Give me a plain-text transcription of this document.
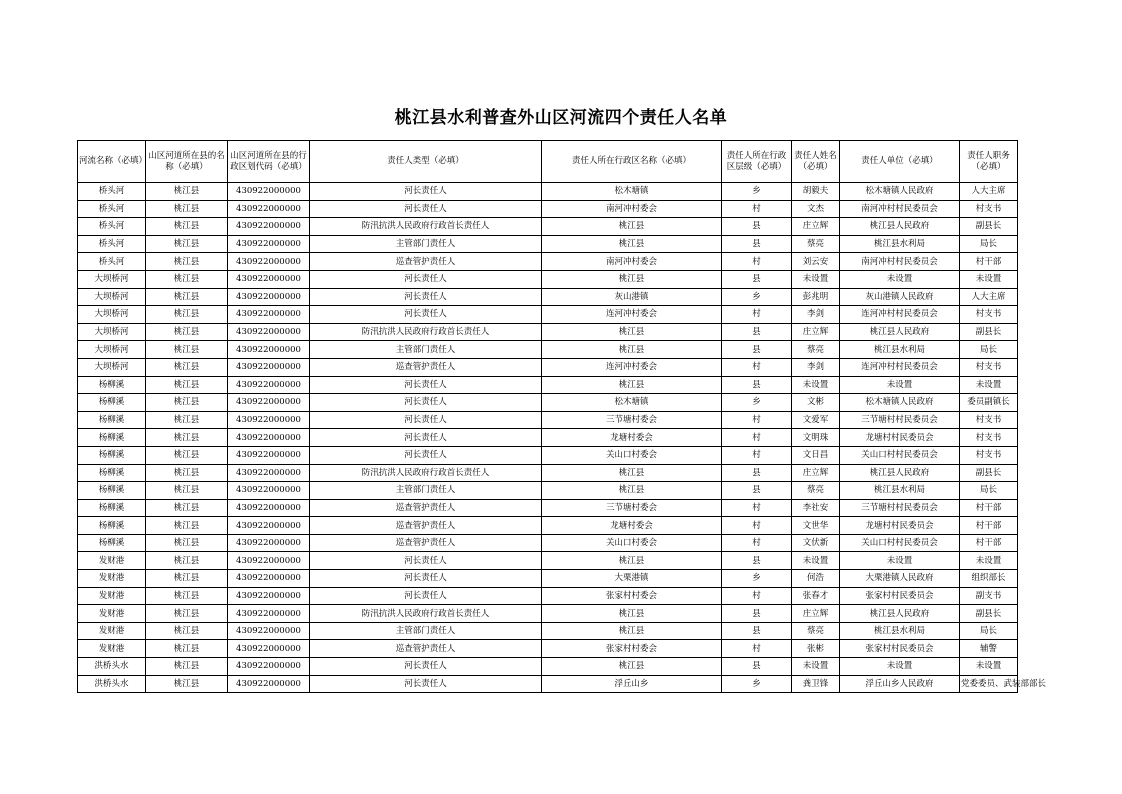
桃江县水利普查外山区河流四个责任人名单
河流名称（必填）	山区河道所在县的名称（必填）	山区河道所在县的行政区划代码（必填）	责任人类型（必填）	责任人所在行政区名称（必填）	责任人所在行政区层级（必填）	责任人姓名（必填）	责任人单位（必填）	责任人职务（必填）	
桥头河	桃江县	430922000000	河长责任人	松木塘镇	乡	胡毅夫	松木塘镇人民政府	人大主席	
桥头河	桃江县	430922000000	河长责任人	南河冲村委会	村	文杰	南河冲村村民委员会	村支书	
桥头河	桃江县	430922000000	防汛抗洪人民政府行政首长责任人	桃江县	县	庄立辉	桃江县人民政府	副县长	
桥头河	桃江县	430922000000	主管部门责任人	桃江县	县	蔡亮	桃江县水利局	局长	
桥头河	桃江县	430922000000	巡查管护责任人	南河冲村委会	村	刘云安	南河冲村村民委员会	村干部	
大坝桥河	桃江县	430922000000	河长责任人	桃江县	县	未设置	未设置	未设置	
大坝桥河	桃江县	430922000000	河长责任人	灰山港镇	乡	彭兆明	灰山港镇人民政府	人大主席	
大坝桥河	桃江县	430922000000	河长责任人	连河冲村委会	村	李剑	连河冲村村民委员会	村支书	
大坝桥河	桃江县	430922000000	防汛抗洪人民政府行政首长责任人	桃江县	县	庄立辉	桃江县人民政府	副县长	
大坝桥河	桃江县	430922000000	主管部门责任人	桃江县	县	蔡亮	桃江县水利局	局长	
大坝桥河	桃江县	430922000000	巡查管护责任人	连河冲村委会	村	李剑	连河冲村村民委员会	村支书	
杨柳溪	桃江县	430922000000	河长责任人	桃江县	县	未设置	未设置	未设置	
杨柳溪	桃江县	430922000000	河长责任人	松木塘镇	乡	文彬	松木塘镇人民政府	委员副镇长	
杨柳溪	桃江县	430922000000	河长责任人	三节塘村委会	村	文爱军	三节塘村村民委员会	村支书	
杨柳溪	桃江县	430922000000	河长责任人	龙塘村委会	村	文明珠	龙塘村村民委员会	村支书	
杨柳溪	桃江县	430922000000	河长责任人	关山口村委会	村	文日昌	关山口村村民委员会	村支书	
杨柳溪	桃江县	430922000000	防汛抗洪人民政府行政首长责任人	桃江县	县	庄立辉	桃江县人民政府	副县长	
杨柳溪	桃江县	430922000000	主管部门责任人	桃江县	县	蔡亮	桃江县水利局	局长	
杨柳溪	桃江县	430922000000	巡查管护责任人	三节塘村委会	村	李社安	三节塘村村民委员会	村干部	
杨柳溪	桃江县	430922000000	巡查管护责任人	龙塘村委会	村	文世华	龙塘村村民委员会	村干部	
杨柳溪	桃江县	430922000000	巡查管护责任人	关山口村委会	村	文伏新	关山口村村民委员会	村干部	
发财港	桃江县	430922000000	河长责任人	桃江县	县	未设置	未设置	未设置	
发财港	桃江县	430922000000	河长责任人	大栗港镇	乡	何浩	大栗港镇人民政府	组织部长	
发财港	桃江县	430922000000	河长责任人	张家村村委会	村	张春才	张家村村民委员会	副支书	
发财港	桃江县	430922000000	防汛抗洪人民政府行政首长责任人	桃江县	县	庄立辉	桃江县人民政府	副县长	
发财港	桃江县	430922000000	主管部门责任人	桃江县	县	蔡亮	桃江县水利局	局长	
发财港	桃江县	430922000000	巡查管护责任人	张家村村委会	村	张彬	张家村村民委员会	辅警	
洪桥头水	桃江县	430922000000	河长责任人	桃江县	县	未设置	未设置	未设置	
洪桥头水	桃江县	430922000000	河长责任人	浮丘山乡	乡	龚卫锋	浮丘山乡人民政府	党委委员、武装部部长	
